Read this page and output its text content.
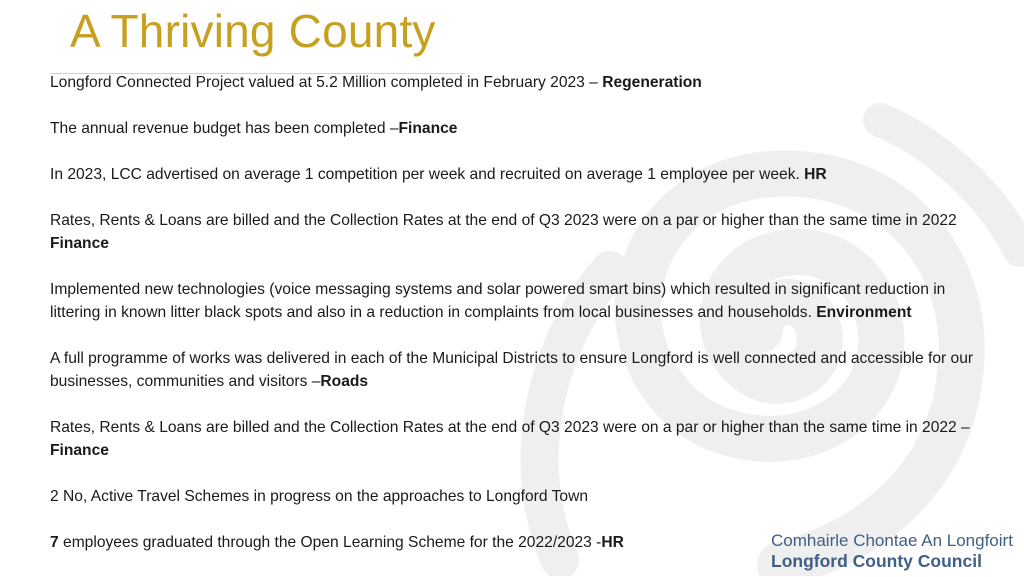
A Thriving County

Longford Connected Project valued at 5.2 Million completed in February 2023 – Regeneration

The annual revenue budget has been completed –Finance

In 2023, LCC advertised on average 1 competition per week and recruited on average 1 employee per week. HR

Rates, Rents & Loans are billed and the Collection Rates at the end of Q3 2023 were on a par or higher than the same time in 2022 Finance

Implemented new technologies (voice messaging systems and solar powered smart bins) which resulted in significant reduction in littering in known litter black spots and also in a reduction in complaints from local businesses and households. Environment

A full programme of works was delivered in each of the Municipal Districts to ensure Longford is well connected and accessible for our businesses, communities and visitors –Roads

Rates, Rents & Loans are billed and the Collection Rates at the end of Q3 2023 were on a par or higher than the same time in 2022 –Finance

2 No, Active Travel Schemes in progress on the approaches to Longford Town

7 employees graduated through the Open Learning Scheme for the 2022/2023 -HR	Comhairle Chontae An Longfoirt
Longford County Council
